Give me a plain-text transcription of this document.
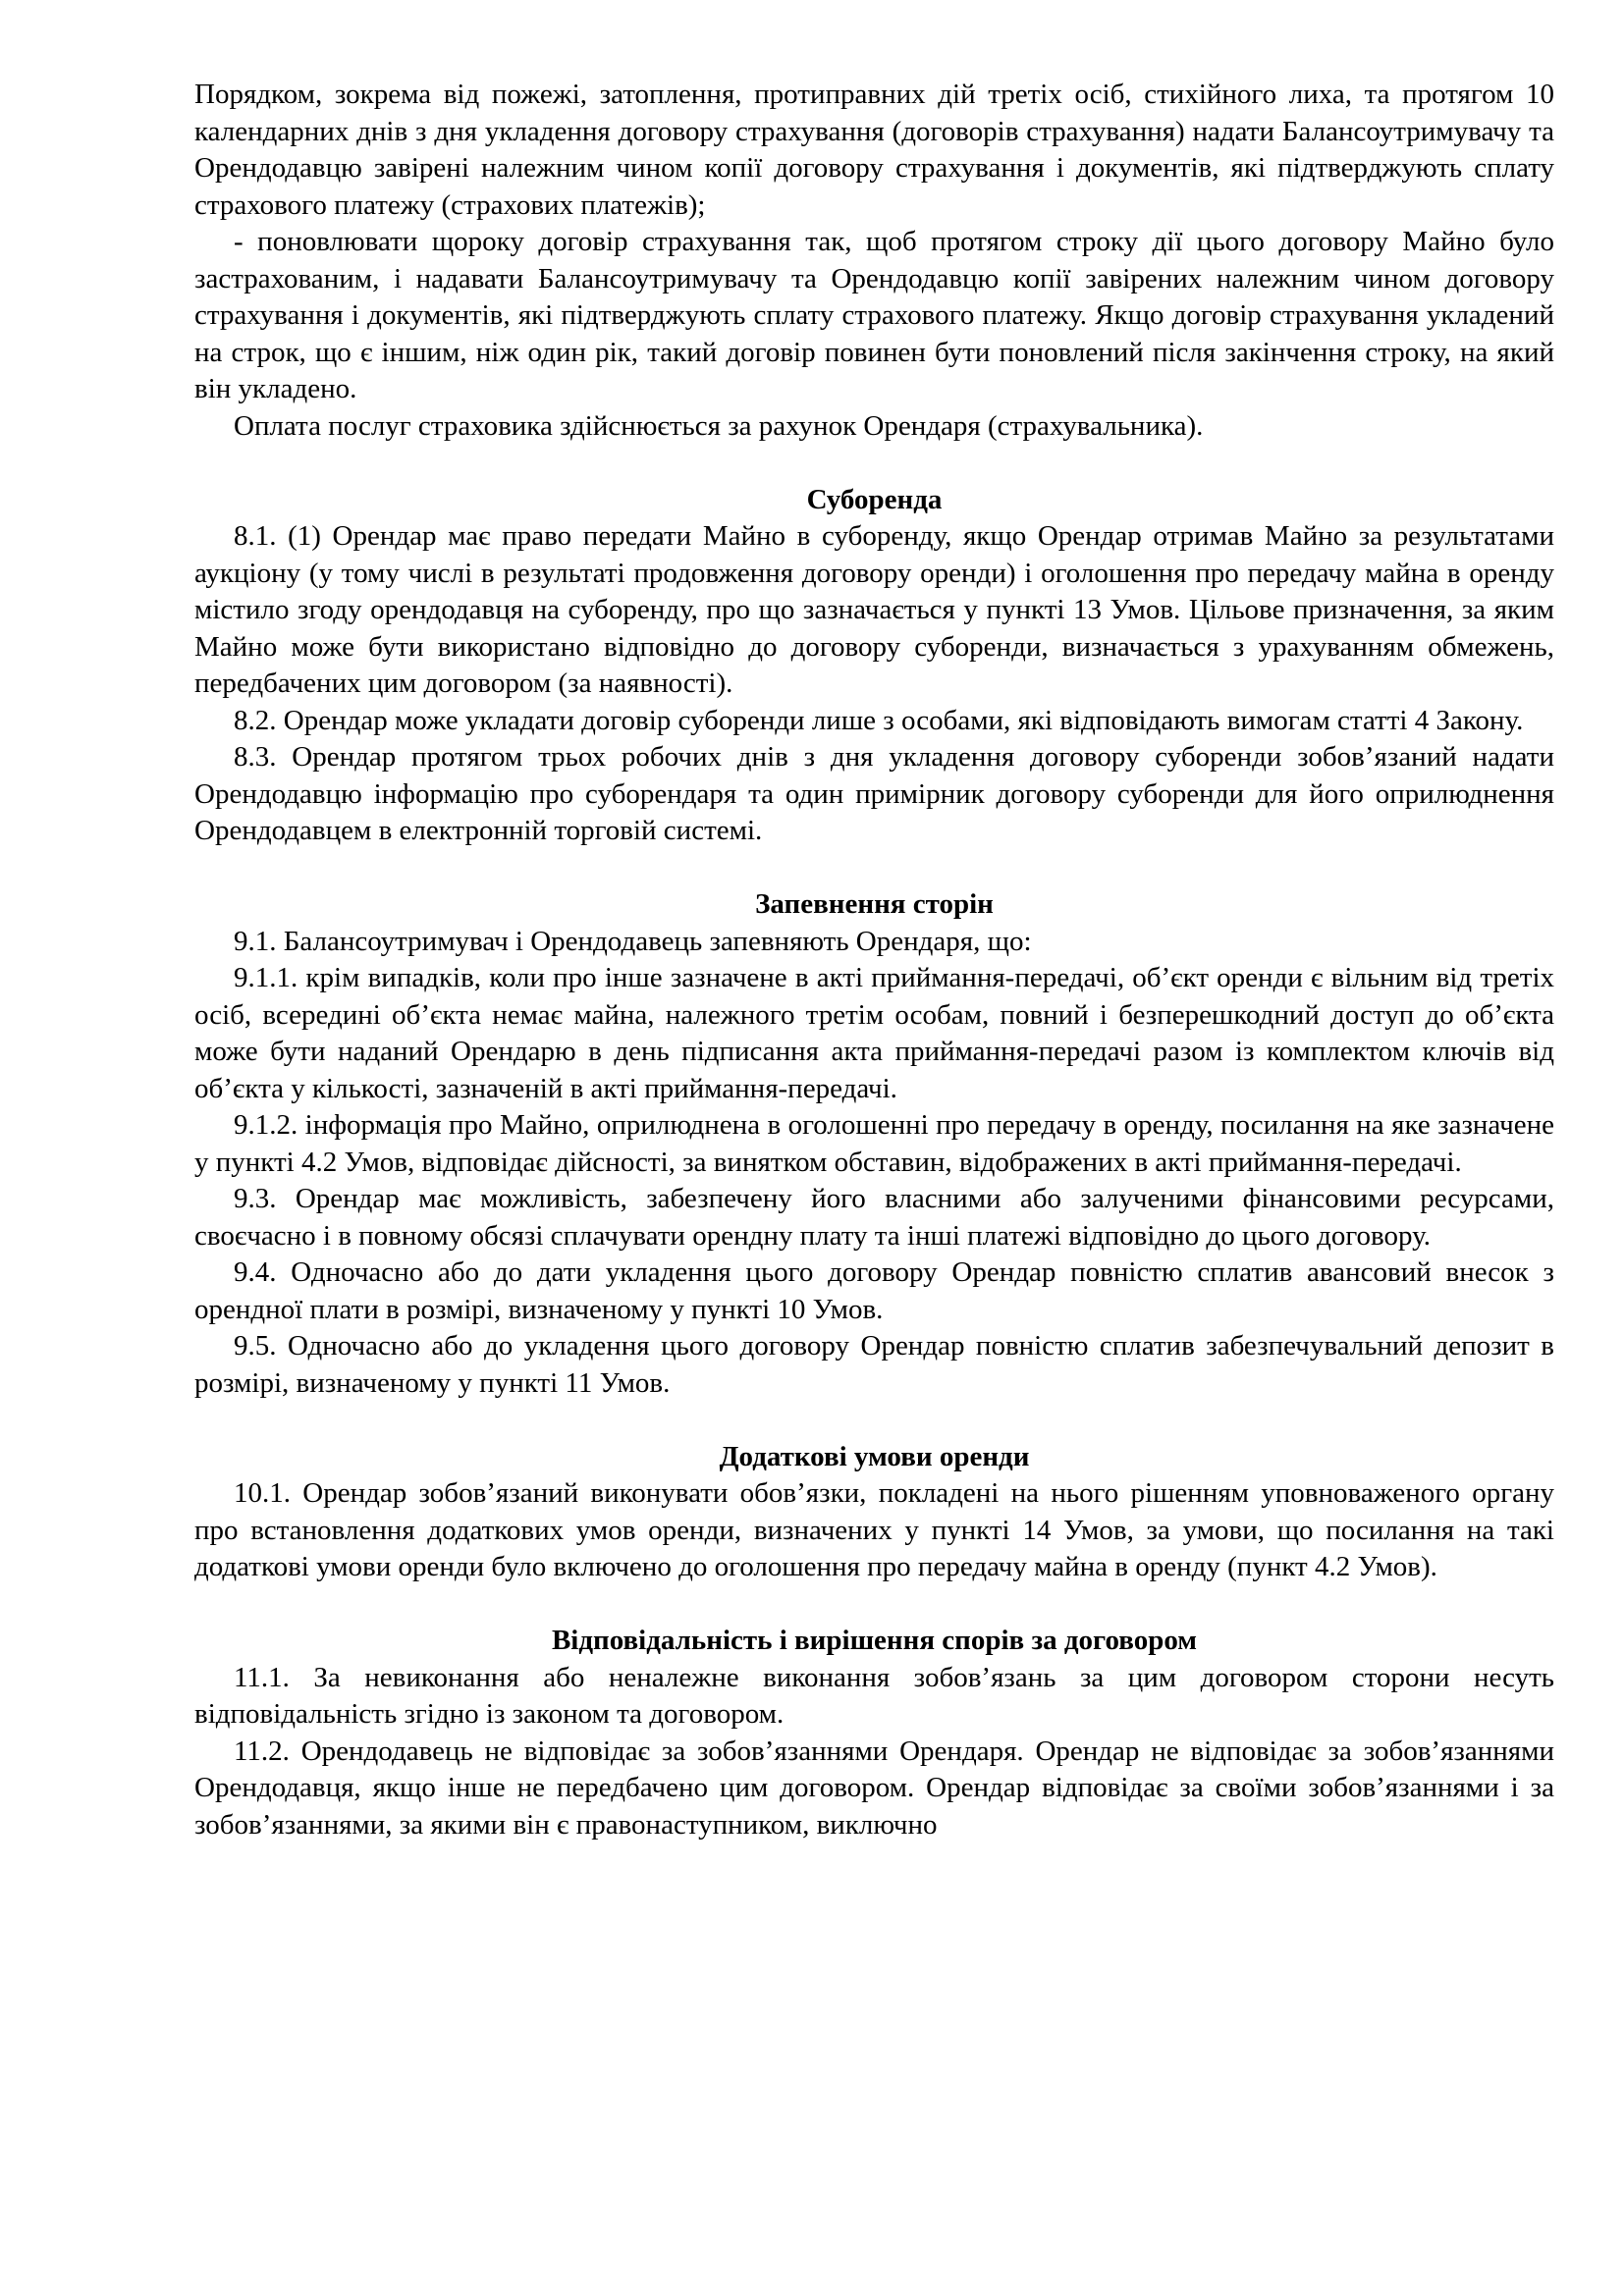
Порядком, зокрема від пожежі, затоплення, протиправних дій третіх осіб, стихійного лиха, та протягом 10 календарних днів з дня укладення договору страхування (договорів страхування) надати Балансоутримувачу та Орендодавцю завірені належним чином копії договору страхування і документів, які підтверджують сплату страхового платежу (страхових платежів);

- поновлювати щороку договір страхування так, щоб протягом строку дії цього договору Майно було застрахованим, і надавати Балансоутримувачу та Орендодавцю копії завірених належним чином договору страхування і документів, які підтверджують сплату страхового платежу. Якщо договір страхування укладений на строк, що є іншим, ніж один рік, такий договір повинен бути поновлений після закінчення строку, на який він укладено.

Оплата послуг страховика здійснюється за рахунок Орендаря (страхувальника).

Суборенда

8.1. (1) Орендар має право передати Майно в суборенду, якщо Орендар отримав Майно за результатами аукціону (у тому числі в результаті продовження договору оренди) і оголошення про передачу майна в оренду містило згоду орендодавця на суборенду, про що зазначається у пункті 13 Умов. Цільове призначення, за яким Майно може бути використано відповідно до договору суборенди, визначається з урахуванням обмежень, передбачених цим договором (за наявності).

8.2. Орендар може укладати договір суборенди лише з особами, які відповідають вимогам статті 4 Закону.

8.3. Орендар протягом трьох робочих днів з дня укладення договору суборенди зобов’язаний надати Орендодавцю інформацію про суборендаря та один примірник договору суборенди для його оприлюднення Орендодавцем в електронній торговій системі.

Запевнення сторін

9.1. Балансоутримувач і Орендодавець запевняють Орендаря, що:

9.1.1. крім випадків, коли про інше зазначене в акті приймання-передачі, об’єкт оренди є вільним від третіх осіб, всередині об’єкта немає майна, належного третім особам, повний і безперешкодний доступ до об’єкта може бути наданий Орендарю в день підписання акта приймання-передачі разом із комплектом ключів від об’єкта у кількості, зазначеній в акті приймання-передачі.

9.1.2. інформація про Майно, оприлюднена в оголошенні про передачу в оренду, посилання на яке зазначене у пункті 4.2 Умов, відповідає дійсності, за винятком обставин, відображених в акті приймання-передачі.

9.3. Орендар має можливість, забезпечену його власними або залученими фінансовими ресурсами, своєчасно і в повному обсязі сплачувати орендну плату та інші платежі відповідно до цього договору.

9.4. Одночасно або до дати укладення цього договору Орендар повністю сплатив авансовий внесок з орендної плати в розмірі, визначеному у пункті 10 Умов.

9.5. Одночасно або до укладення цього договору Орендар повністю сплатив забезпечувальний депозит в розмірі, визначеному у пункті 11 Умов.

Додаткові умови оренди

10.1. Орендар зобов’язаний виконувати обов’язки, покладені на нього рішенням уповноваженого органу про встановлення додаткових умов оренди, визначених у пункті 14 Умов, за умови, що посилання на такі додаткові умови оренди було включено до оголошення про передачу майна в оренду (пункт 4.2 Умов).

Відповідальність і вирішення спорів за договором

11.1. За невиконання або неналежне виконання зобов’язань за цим договором сторони несуть відповідальність згідно із законом та договором.

11.2. Орендодавець не відповідає за зобов’язаннями Орендаря. Орендар не відповідає за зобов’язаннями Орендодавця, якщо інше не передбачено цим договором. Орендар відповідає за своїми зобов’язаннями і за зобов’язаннями, за якими він є правонаступником, виключно
